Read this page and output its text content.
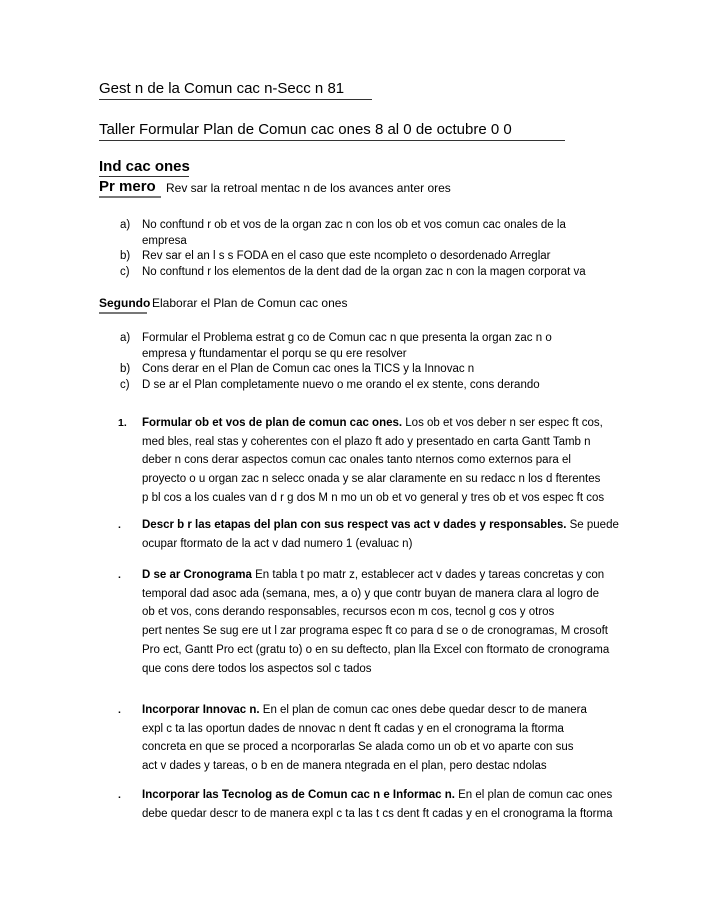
Gest n de la Comun cac n-Secc n 81
Taller Formular Plan de Comun cac ones 8 al 0 de octubre 0 0
Ind cac ones
Pr mero Rev sar la retroal mentac n de los avances anter ores
a) No conftund r ob et vos de la organ zac n con los ob et vos comun cac onales de la
empresa
b) Rev sar el an l s s FODA en el caso que este ncompleto o desordenado Arreglar
c) No conftund r los elementos de la dent dad de la organ zac n con la magen corporat va
Segundo Elaborar el Plan de Comun cac ones
a) Formular el Problema estrat g co de Comun cac n que presenta la organ zac n o
empresa y ftundamentar el porqu se qu ere resolver
b) Cons derar en el Plan de Comun cac ones la TICS y la Innovac n
c) D se ar el Plan completamente nuevo o me orando el ex stente, cons derando
1. Formular ob et vos de plan de comun cac ones. Los ob et vos deber n ser espec ft cos,
med bles, real stas y coherentes con el plazo ft ado y presentado en carta Gantt Tamb n
deber n cons derar aspectos comun cac onales tanto nternos como externos para el
proyecto o u organ zac n selecc onada y se alar claramente en su redacc n los d fterentes
p bl cos a los cuales van d r g dos M n mo un ob et vo general y tres ob et vos espec ft cos
. Descr b r las etapas del plan con sus respect vas act v dades y responsables. Se puede
ocupar ftormato de la act v dad numero 1 (evaluac n)
. D se ar Cronograma En tabla t po matr z, establecer act v dades y tareas concretas y con
temporal dad asoc ada (semana, mes, a o) y que contr buyan de manera clara al logro de
ob et vos, cons derando responsables, recursos econ m cos, tecnol g cos y otros
pert nentes Se sug ere ut l zar programa espec ft co para d se o de cronogramas, M crosoft
Pro ect, Gantt Pro ect (gratu to) o en su deftecto, plan lla Excel con ftormato de cronograma
que cons dere todos los aspectos sol c tados
. Incorporar Innovac n. En el plan de comun cac ones debe quedar descr to de manera
expl c ta las oportun dades de nnovac n dent ft cadas y en el cronograma la ftorma
concreta en que se proced a ncorporarlas Se alada como un ob et vo aparte con sus
act v dades y tareas, o b en de manera ntegrada en el plan, pero destac ndolas
. Incorporar las Tecnolog as de Comun cac n e Informac n. En el plan de comun cac ones
debe quedar descr to de manera expl c ta las t cs dent ft cadas y en el cronograma la ftorma
